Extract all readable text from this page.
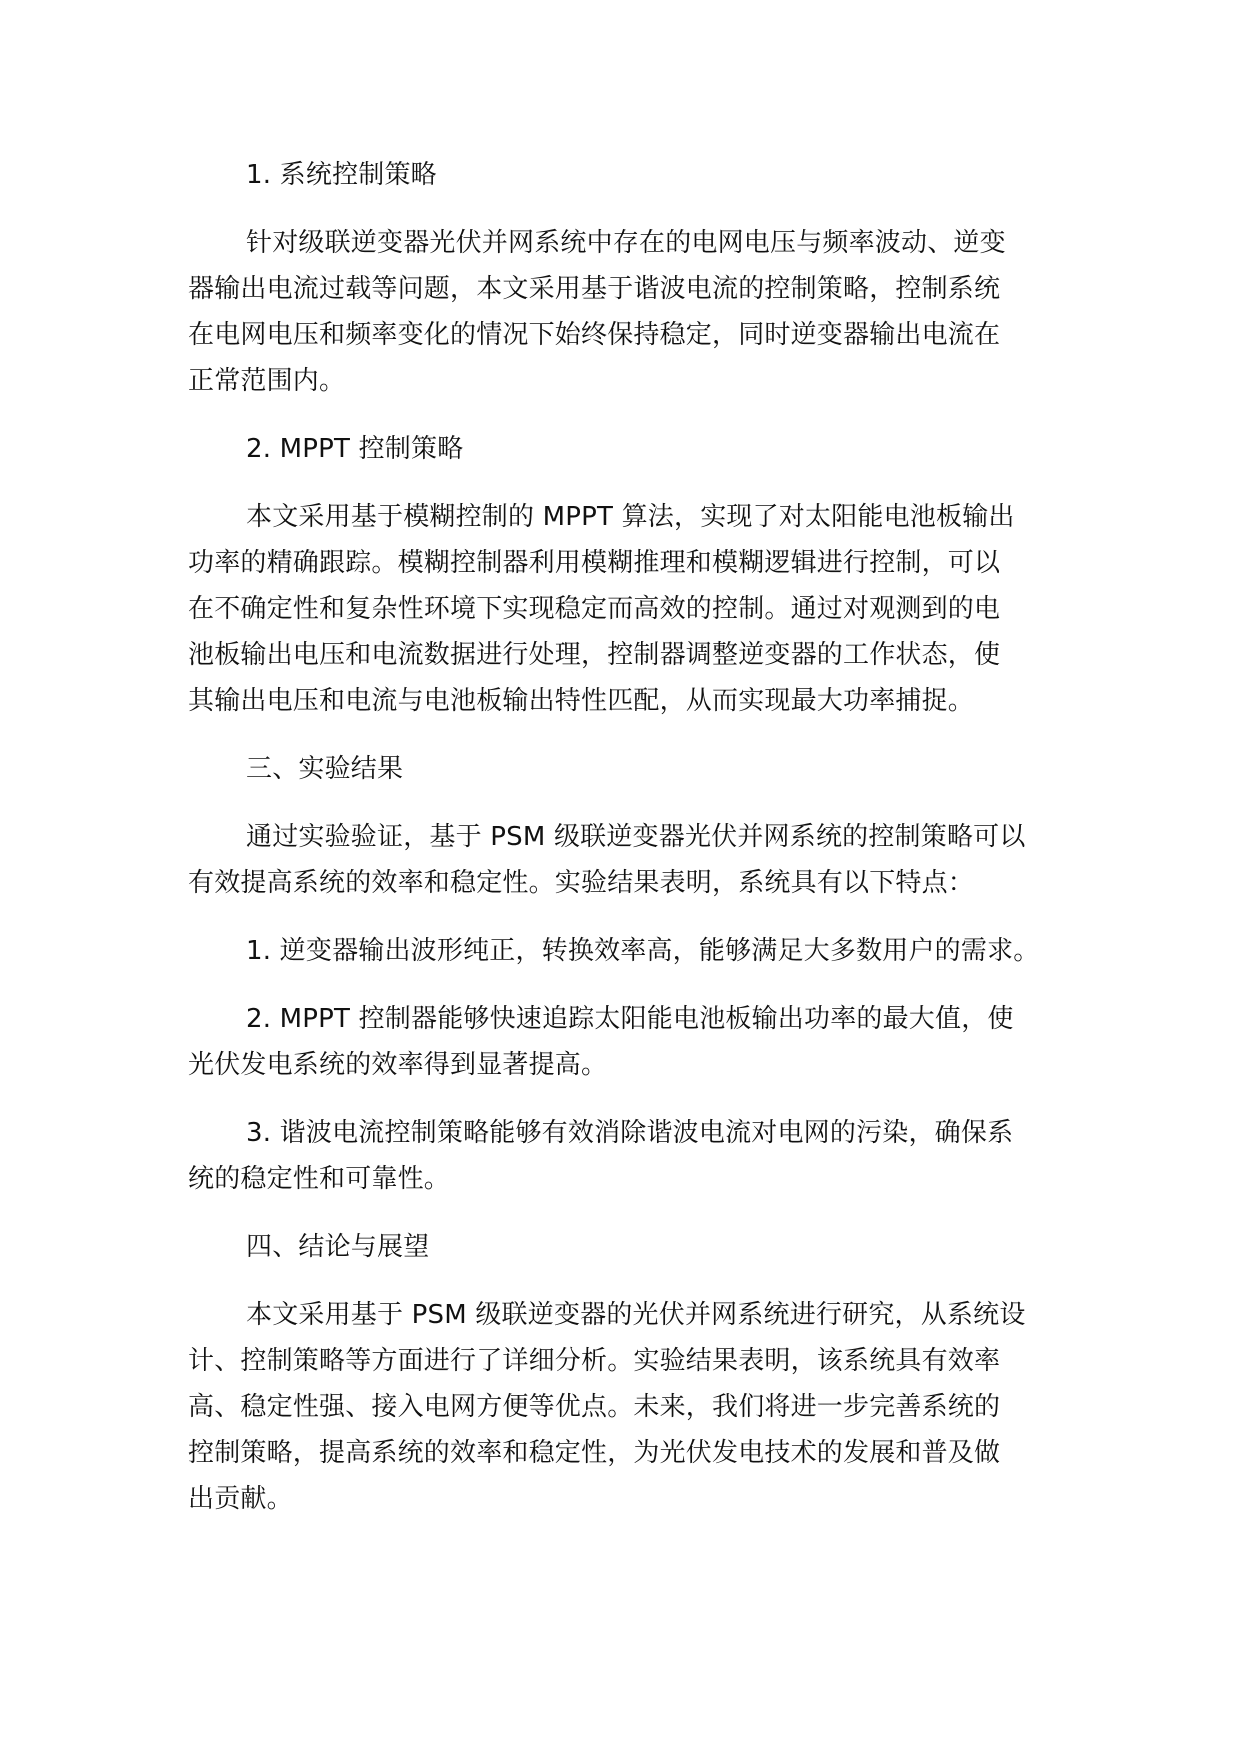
1. 系统控制策略

针对级联逆变器光伏并网系统中存在的电网电压与频率波动、逆变

器输出电流过载等问题，本文采用基于谐波电流的控制策略，控制系统

在电网电压和频率变化的情况下始终保持稳定，同时逆变器输出电流在

正常范围内。

2. MPPT 控制策略

本文采用基于模糊控制的 MPPT 算法，实现了对太阳能电池板输出

功率的精确跟踪。模糊控制器利用模糊推理和模糊逻辑进行控制，可以

在不确定性和复杂性环境下实现稳定而高效的控制。通过对观测到的电

池板输出电压和电流数据进行处理，控制器调整逆变器的工作状态，使

其输出电压和电流与电池板输出特性匹配，从而实现最大功率捕捉。

三、实验结果

通过实验验证，基于 PSM 级联逆变器光伏并网系统的控制策略可以

有效提高系统的效率和稳定性。实验结果表明，系统具有以下特点：

1. 逆变器输出波形纯正，转换效率高，能够满足大多数用户的需求。

2. MPPT 控制器能够快速追踪太阳能电池板输出功率的最大值，使

光伏发电系统的效率得到显著提高。

3. 谐波电流控制策略能够有效消除谐波电流对电网的污染，确保系

统的稳定性和可靠性。

四、结论与展望

本文采用基于 PSM 级联逆变器的光伏并网系统进行研究，从系统设

计、控制策略等方面进行了详细分析。实验结果表明，该系统具有效率

高、稳定性强、接入电网方便等优点。未来，我们将进一步完善系统的

控制策略，提高系统的效率和稳定性，为光伏发电技术的发展和普及做

出贡献。
